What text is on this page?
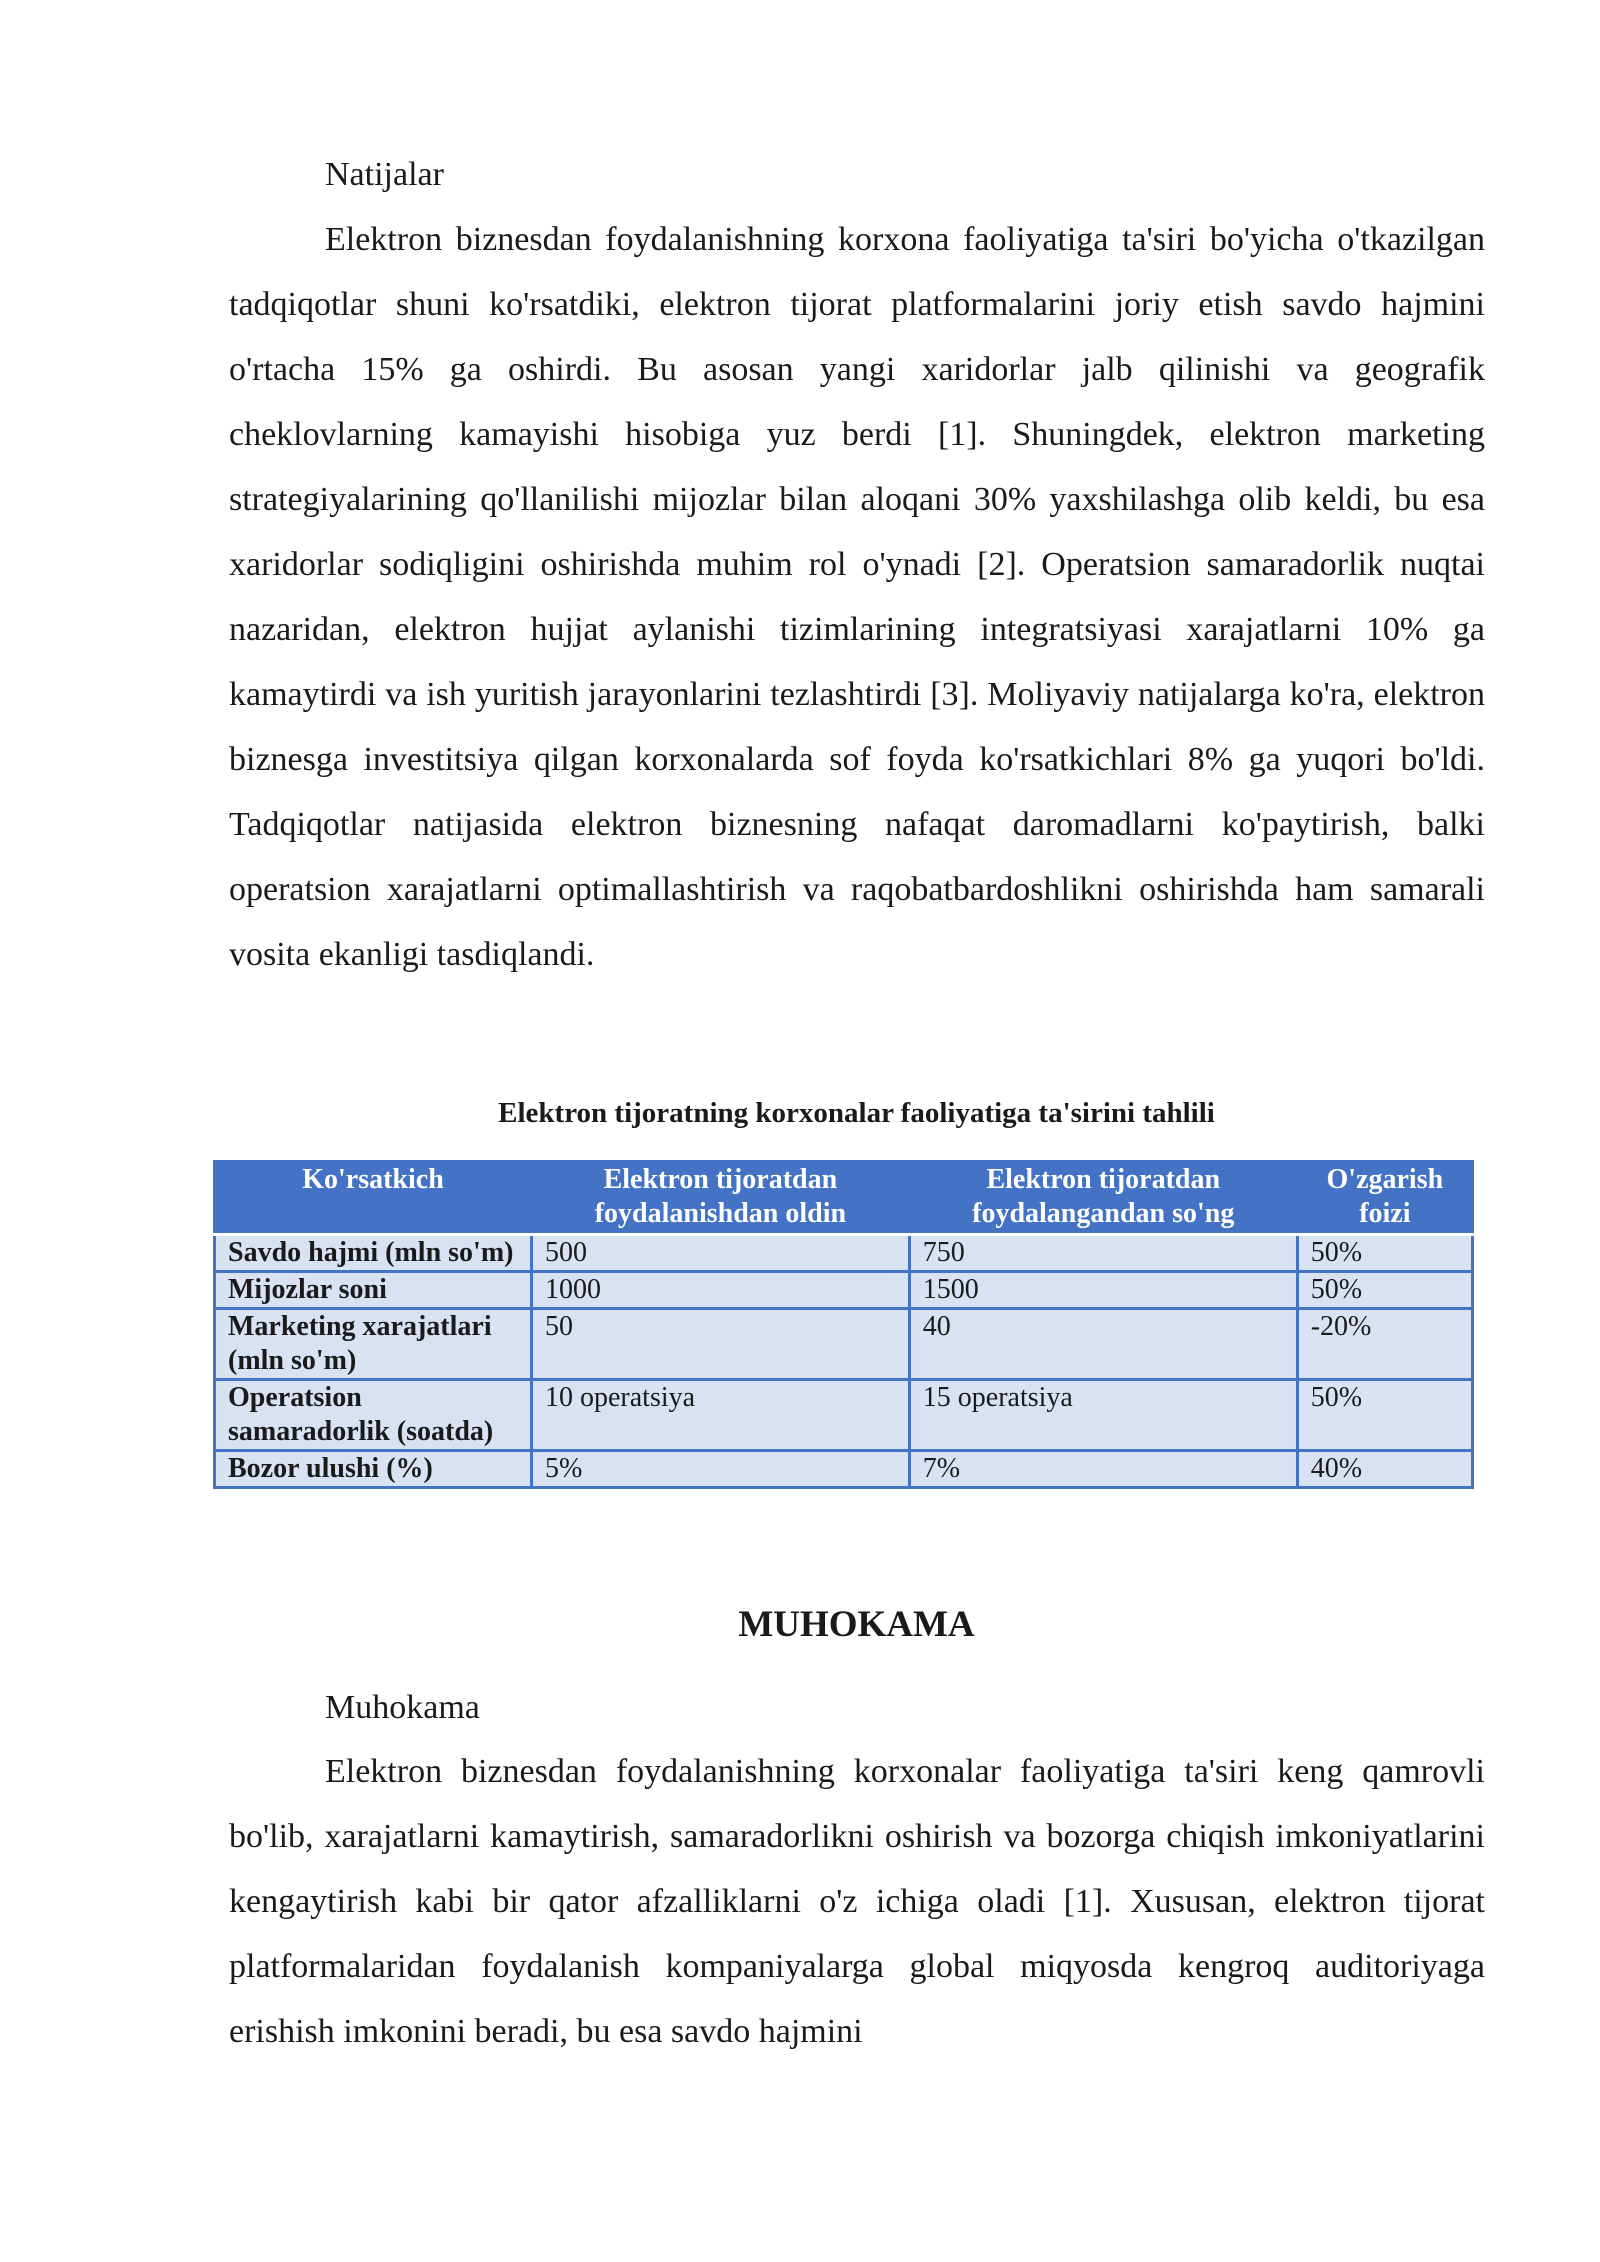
Natijalar

Elektron biznesdan foydalanishning korxona faoliyatiga ta'siri bo'yicha o'tkazilgan tadqiqotlar shuni ko'rsatdiki, elektron tijorat platformalarini joriy etish savdo hajmini o'rtacha 15% ga oshirdi. Bu asosan yangi xaridorlar jalb qilinishi va geografik cheklovlarning kamayishi hisobiga yuz berdi [1]. Shuningdek, elektron marketing strategiyalarining qo'llanilishi mijozlar bilan aloqani 30% yaxshilashga olib keldi, bu esa xaridorlar sodiqligini oshirishda muhim rol o'ynadi [2]. Operatsion samaradorlik nuqtai nazaridan, elektron hujjat aylanishi tizimlarining integratsiyasi xarajatlarni 10% ga kamaytirdi va ish yuritish jarayonlarini tezlashtirdi [3]. Moliyaviy natijalarga ko'ra, elektron biznesga investitsiya qilgan korxonalarda sof foyda ko'rsatkichlari 8% ga yuqori bo'ldi. Tadqiqotlar natijasida elektron biznesning nafaqat daromadlarni ko'paytirish, balki operatsion xarajatlarni optimallashtirish va raqobatbardoshlikni oshirishda ham samarali vosita ekanligi tasdiqlandi.

Elektron tijoratning korxonalar faoliyatiga ta'sirini tahlili
Ko'rsatkich	Elektron tijoratdan foydalanishdan oldin	Elektron tijoratdan foydalangandan so'ng	O'zgarish foizi
Savdo hajmi (mln so'm)	500	750	50%
Mijozlar soni	1000	1500	50%
Marketing xarajatlari (mln so'm)	50	40	-20%
Operatsion samaradorlik (soatda)	10 operatsiya	15 operatsiya	50%
Bozor ulushi (%)	5%	7%	40%
MUHOKAMA
Muhokama

Elektron biznesdan foydalanishning korxonalar faoliyatiga ta'siri keng qamrovli bo'lib, xarajatlarni kamaytirish, samaradorlikni oshirish va bozorga chiqish imkoniyatlarini kengaytirish kabi bir qator afzalliklarni o'z ichiga oladi [1]. Xususan, elektron tijorat platformalaridan foydalanish kompaniyalarga global miqyosda kengroq auditoriyaga erishish imkonini beradi, bu esa savdo hajmini
